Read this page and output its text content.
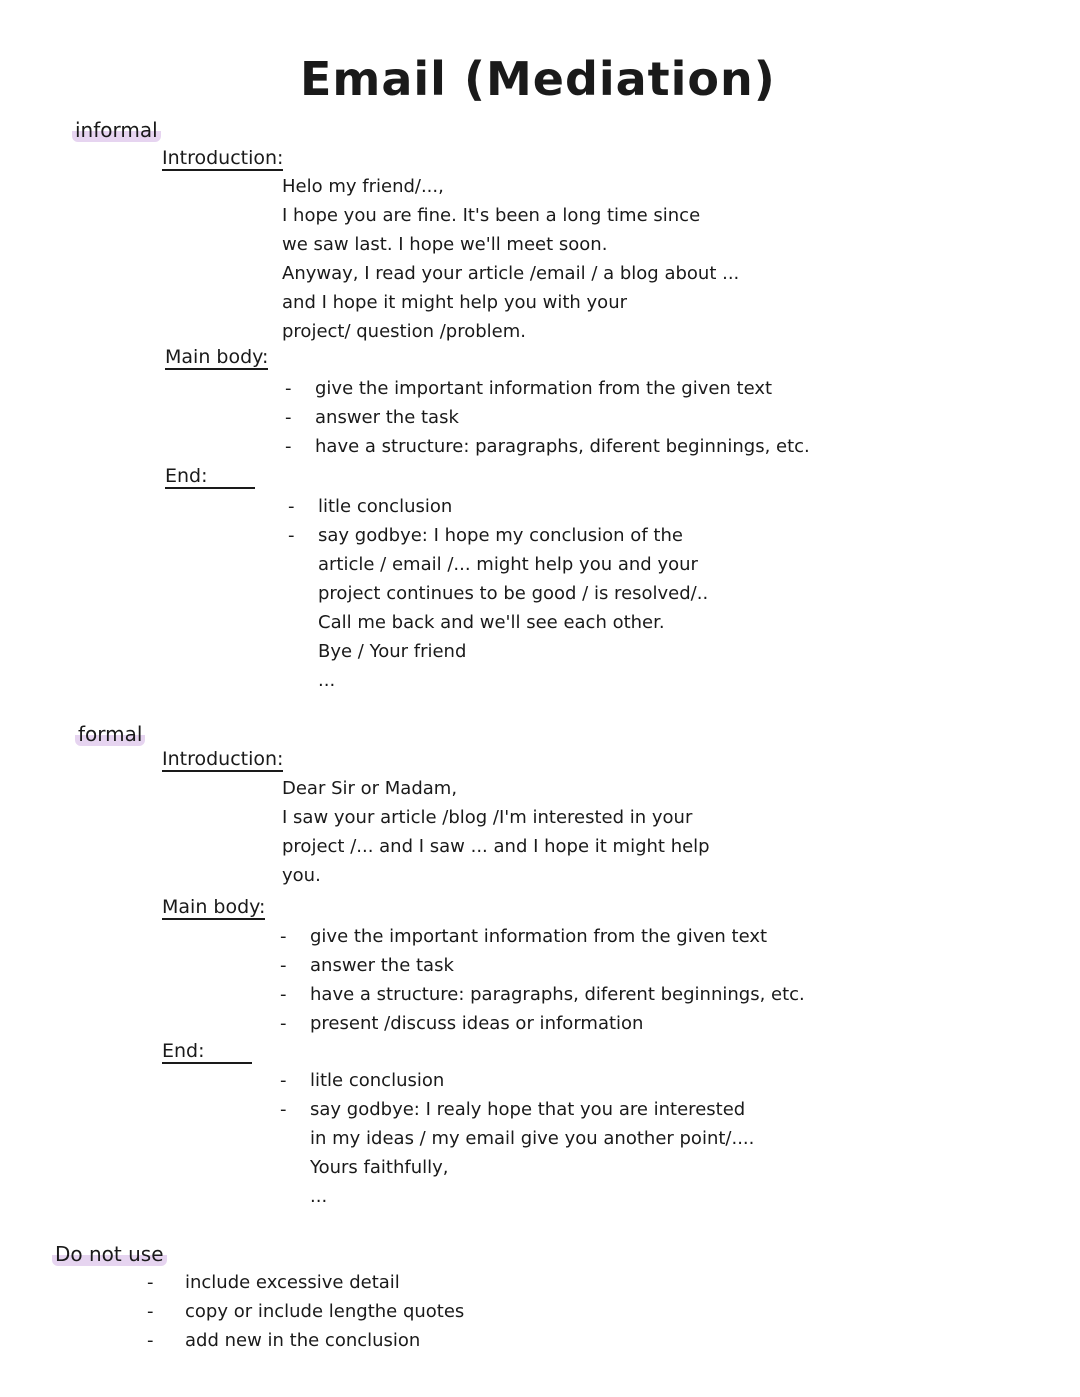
Email (Mediation)
informal
Introduction:
Helo my friend/...,
I hope you are fine. It's been a long time since
we saw last. I hope we'll meet soon.
Anyway, I read your article /email / a blog about ...
and I hope it might help you with your
project/ question /problem.
Main body:
- give the important information from the given text
- answer the task
- have a structure: paragraphs, diferent beginnings, etc.
End:
- litle conclusion
- say godbye: I hope my conclusion of the
article / email /... might help you and your
project continues to be good / is resolved/..
Call me back and we'll see each other.
Bye / Your friend
...
formal
Introduction:
Dear Sir or Madam,
I saw your article /blog /I'm interested in your
project /... and I saw ... and I hope it might help
you.
Main body:
- give the important information from the given text
- answer the task
- have a structure: paragraphs, diferent beginnings, etc.
- present /discuss ideas or information
End:
- litle conclusion
- say godbye: I realy hope that you are interested
in my ideas / my email give you another point/....
Yours faithfully,
...
Do not use
- include excessive detail
- copy or include lengthe quotes
- add new in the conclusion
